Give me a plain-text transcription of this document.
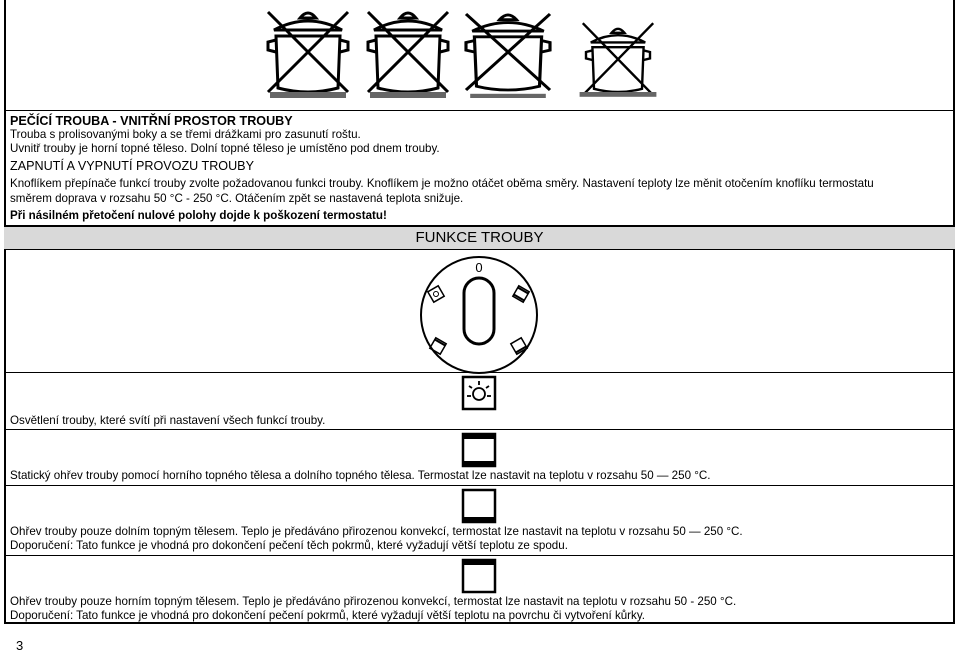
PEČÍCÍ TROUBA - VNITŘNÍ PROSTOR TROUBY
Trouba s prolisovanými boky a se třemi drážkami pro zasunutí roštu.
Uvnitř trouby je horní topné těleso. Dolní topné těleso je umístěno pod dnem trouby.
ZAPNUTÍ A VYPNUTÍ PROVOZU TROUBY
Knoflíkem přepínače funkcí trouby zvolte požadovanou funkci trouby. Knoflíkem je možno otáčet oběma směry. Nastavení teploty lze měnit otočením knoflíku termostatu
směrem doprava v rozsahu 50 °C - 250 °C. Otáčením zpět se nastavená teplota snižuje.
Při násilném přetočení nulové polohy dojde k poškození termostatu!
FUNKCE TROUBY
0
Osvětlení trouby, které svítí při nastavení všech funkcí trouby.
Statický ohřev trouby pomocí horního topného tělesa a dolního topného tělesa. Termostat lze nastavit na teplotu v rozsahu 50 — 250 °C.
Ohřev trouby pouze dolním topným tělesem. Teplo je předáváno přirozenou konvekcí, termostat lze nastavit na teplotu v rozsahu 50 — 250 °C.
Doporučení: Tato funkce je vhodná pro dokončení pečení těch pokrmů, které vyžadují větší teplotu ze spodu.
Ohřev trouby pouze horním topným tělesem. Teplo je předáváno přirozenou konvekcí, termostat lze nastavit na teplotu v rozsahu 50 - 250 °C.
Doporučení: Tato funkce je vhodná pro dokončení pečení pokrmů, které vyžadují větší teplotu na povrchu či vytvoření kůrky.
3
